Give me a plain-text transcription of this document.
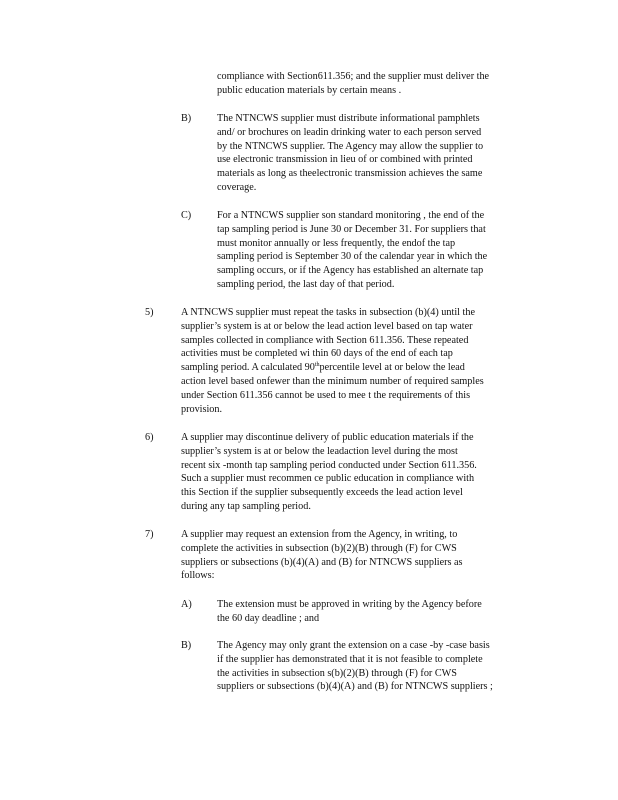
compliance with Section611.356; and the supplier must deliver the
public education materials by certain means .
B)	The NTNCWS supplier must distribute informational pamphlets
and/ or brochures on leadin drinking water to each person served
by the NTNCWS supplier. The Agency may allow the supplier to
use electronic transmission in lieu of or combined with printed
materials as long as theelectronic transmission achieves the same
coverage.
C)	For a NTNCWS supplier son standard monitoring , the end of the
tap sampling period is June 30 or December 31. For suppliers that
must monitor annually or less frequently, the endof the tap
sampling period is September 30 of the calendar year in which the
sampling occurs, or if the Agency has established an alternate tap
sampling period, the last day of that period.
5)	A NTNCWS supplier must repeat the tasks in subsection (b)(4) until the
supplier’s system is at or below the lead action level based on tap water
samples collected in compliance with Section 611.356. These repeated
activities must be completed wi thin 60 days of the end of each tap
sampling period. A calculated 90thpercentile level at or below the lead
action level based onfewer than the minimum number of required samples
under Section 611.356 cannot be used to mee t the requirements of this
provision.
6)	A supplier may discontinue delivery of public education materials if the
supplier’s system is at or below the leadaction level during the most
recent six -month tap sampling period conducted under Section 611.356.
Such a supplier must recommen ce public education in compliance with
this Section if the supplier subsequently exceeds the lead action level
during any tap sampling period.
7)	A supplier may request an extension from the Agency, in writing, to
complete the activities in subsection (b)(2)(B) through (F) for CWS
suppliers or subsections (b)(4)(A) and (B) for NTNCWS suppliers as
follows:
A) The extension must be approved in writing by the Agency before
the 60 day deadline ; and
B)	The Agency may only grant the extension on a case -by -case basis
if the supplier has demonstrated that it is not feasible to complete
the activities in subsection s(b)(2)(B) through (F) for CWS
suppliers or subsections (b)(4)(A) and (B) for NTNCWS suppliers ;
